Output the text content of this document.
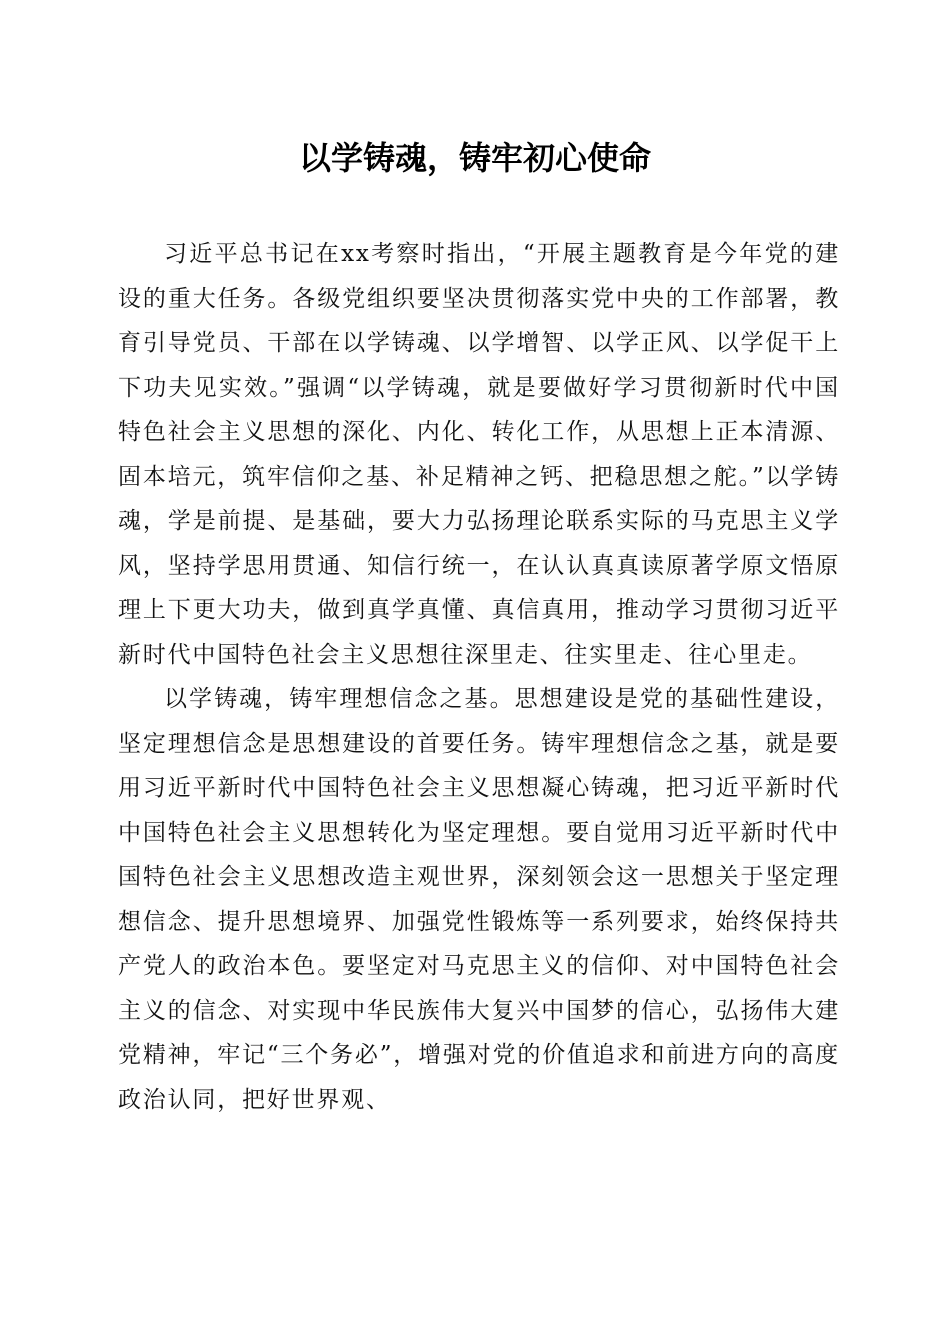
以学铸魂，铸牢初心使命

习近平总书记在xx考察时指出，“开展主题教育是今年党的建设的重大任务。各级党组织要坚决贯彻落实党中央的工作部署，教育引导党员、干部在以学铸魂、以学增智、以学正风、以学促干上下功夫见实效。”强调“以学铸魂，就是要做好学习贯彻新时代中国特色社会主义思想的深化、内化、转化工作，从思想上正本清源、固本培元，筑牢信仰之基、补足精神之钙、把稳思想之舵。”以学铸魂，学是前提、是基础，要大力弘扬理论联系实际的马克思主义学风，坚持学思用贯通、知信行统一，在认认真真读原著学原文悟原理上下更大功夫，做到真学真懂、真信真用，推动学习贯彻习近平新时代中国特色社会主义思想往深里走、往实里走、往心里走。

以学铸魂，铸牢理想信念之基。思想建设是党的基础性建设，坚定理想信念是思想建设的首要任务。铸牢理想信念之基，就是要用习近平新时代中国特色社会主义思想凝心铸魂，把习近平新时代中国特色社会主义思想转化为坚定理想。要自觉用习近平新时代中国特色社会主义思想改造主观世界，深刻领会这一思想关于坚定理想信念、提升思想境界、加强党性锻炼等一系列要求，始终保持共产党人的政治本色。要坚定对马克思主义的信仰、对中国特色社会主义的信念、对实现中华民族伟大复兴中国梦的信心，弘扬伟大建党精神，牢记“三个务必”，增强对党的价值追求和前进方向的高度政治认同，把好世界观、
